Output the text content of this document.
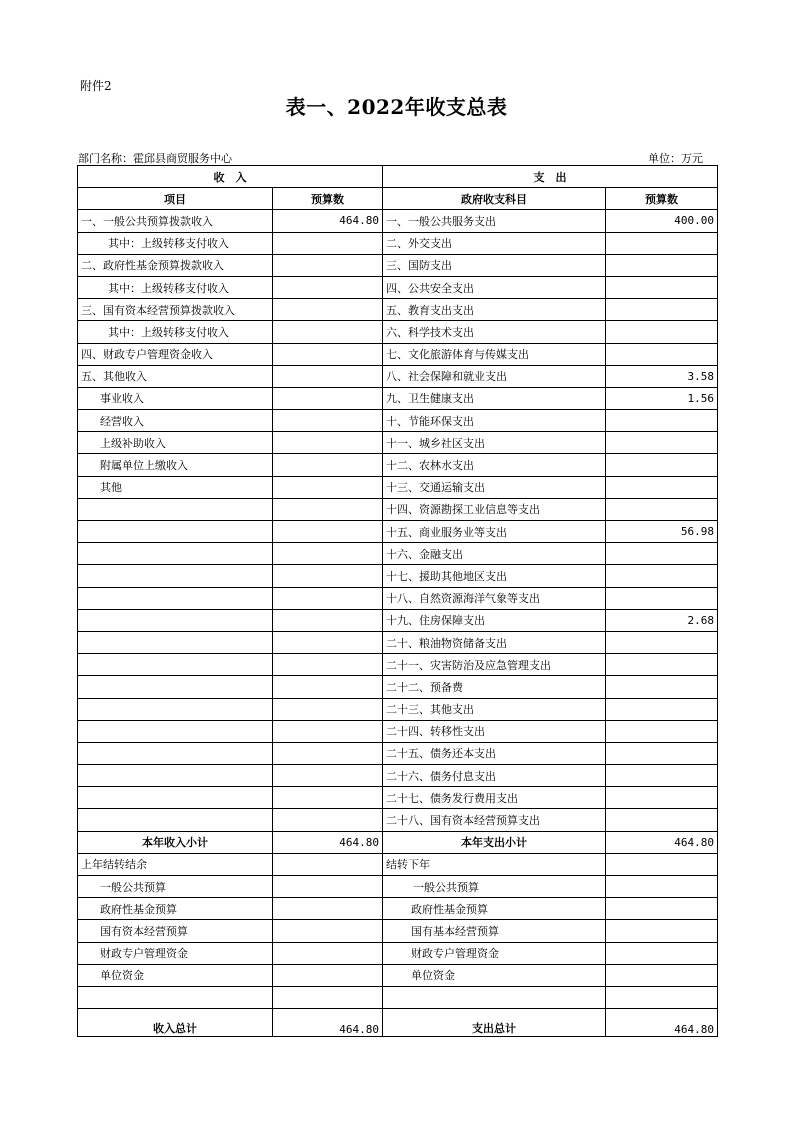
附件2
表一、2022年收支总表
部门名称：霍邱县商贸服务中心	单位：万元
收　入		支　出	
项目	预算数	政府收支科目	预算数
一、一般公共预算拨款收入	464.80	一、一般公共服务支出	400.00
其中：上级转移支付收入		二、外交支出	
二、政府性基金预算拨款收入		三、国防支出	
其中：上级转移支付收入		四、公共安全支出	
三、国有资本经营预算拨款收入		五、教育支出支出	
其中：上级转移支付收入		六、科学技术支出	
四、财政专户管理资金收入		七、文化旅游体育与传媒支出	
五、其他收入		八、社会保障和就业支出	3.58
事业收入		九、卫生健康支出	1.56
经营收入		十、节能环保支出	
上级补助收入		十一、城乡社区支出	
附属单位上缴收入		十二、农林水支出	
其他		十三、交通运输支出	
		十四、资源勘探工业信息等支出	
		十五、商业服务业等支出	56.98
		十六、金融支出	
		十七、援助其他地区支出	
		十八、自然资源海洋气象等支出	
		十九、住房保障支出	2.68
		二十、粮油物资储备支出	
		二十一、灾害防治及应急管理支出	
		二十二、预备费	
		二十三、其他支出	
		二十四、转移性支出	
		二十五、债务还本支出	
		二十六、债务付息支出	
		二十七、债务发行费用支出	
		二十八、国有资本经营预算支出	
本年收入小计	464.80	本年支出小计	464.80
上年结转结余		结转下年	
一般公共预算		一般公共预算	
政府性基金预算		政府性基金预算	
国有资本经营预算		国有基本经营预算	
财政专户管理资金		财政专户管理资金	
单位资金		单位资金	

收入总计	464.80	支出总计	464.80
